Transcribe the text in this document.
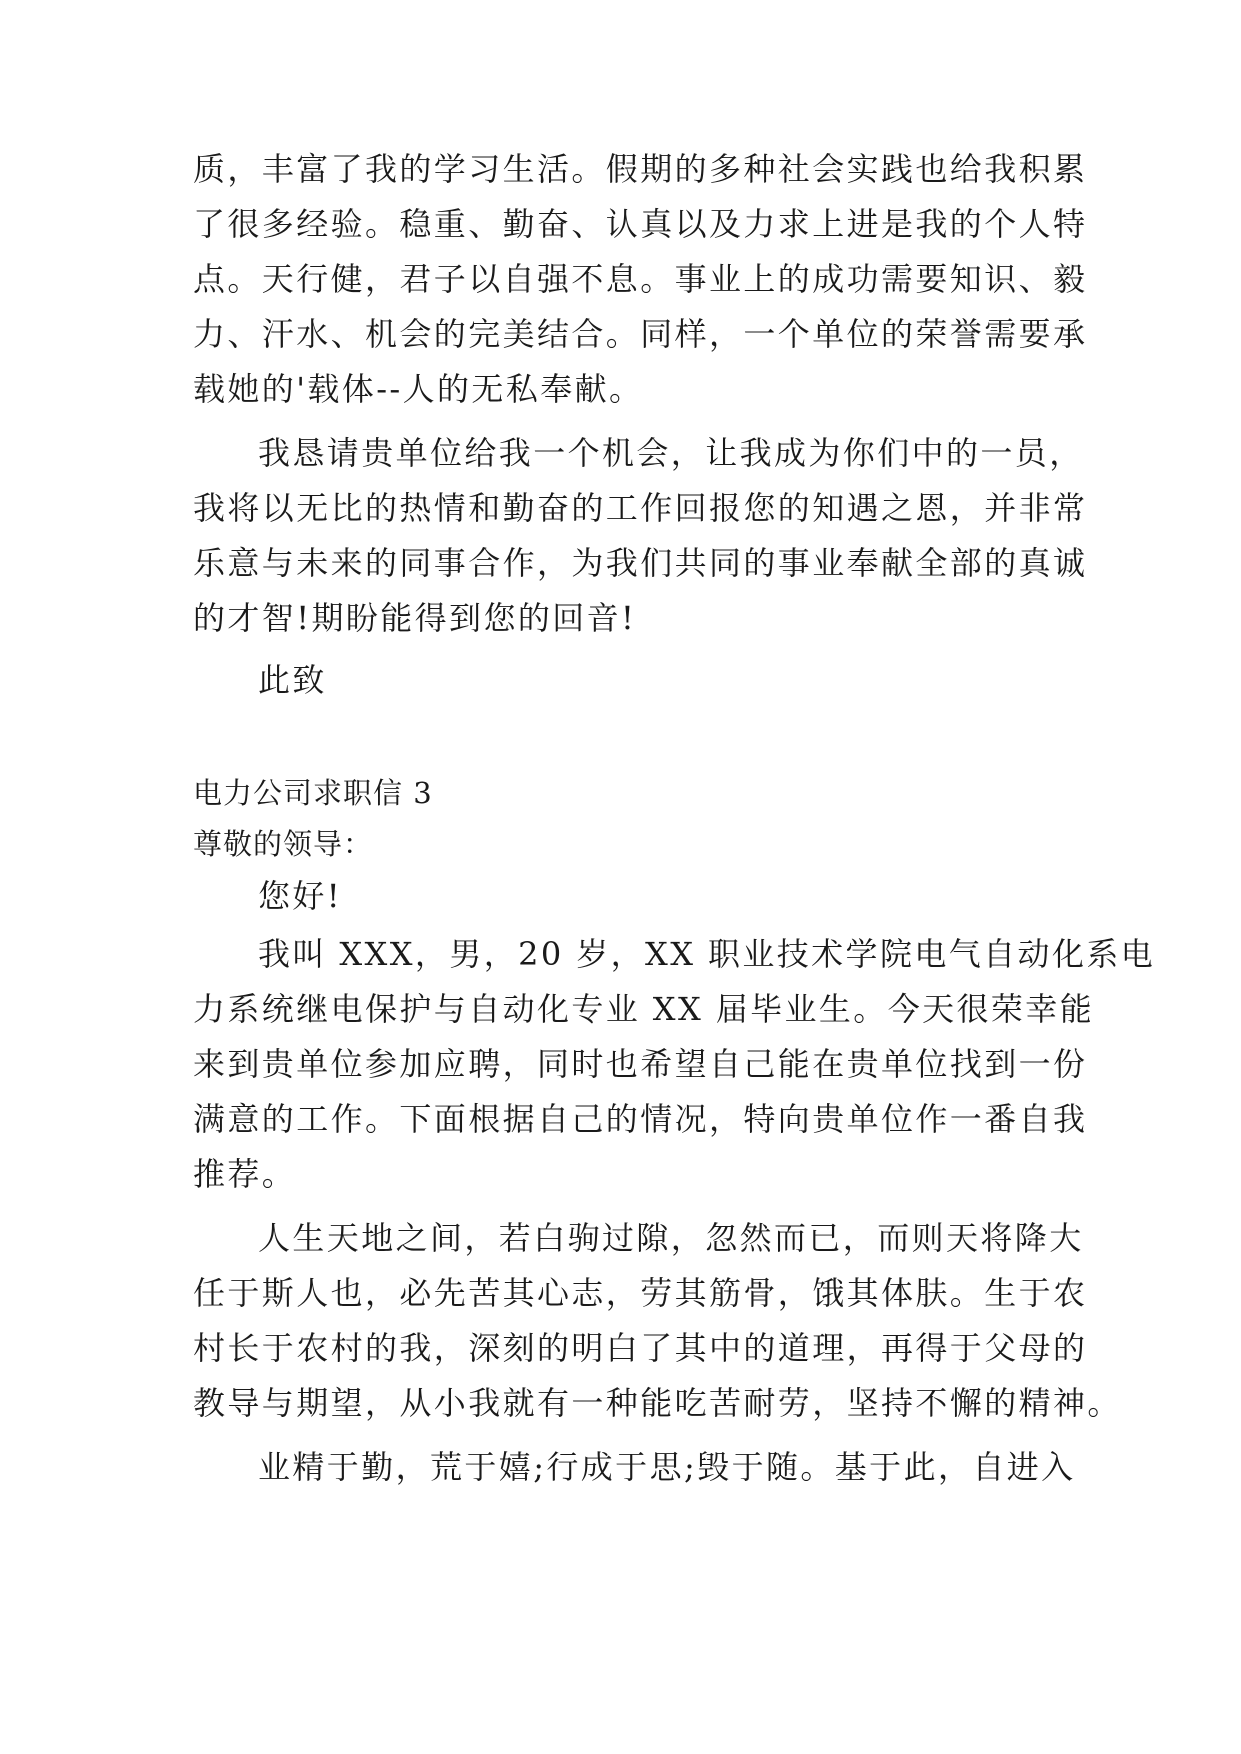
质，丰富了我的学习生活。假期的多种社会实践也给我积累
了很多经验。稳重、勤奋、认真以及力求上进是我的个人特
点。天行健，君子以自强不息。事业上的成功需要知识、毅
力、汗水、机会的完美结合。同样，一个单位的荣誉需要承
载她的'载体--人的无私奉献。
我恳请贵单位给我一个机会，让我成为你们中的一员，
我将以无比的热情和勤奋的工作回报您的知遇之恩，并非常
乐意与未来的同事合作，为我们共同的事业奉献全部的真诚
的才智!期盼能得到您的回音!
此致
电力公司求职信 3
尊敬的领导：
您好!
我叫 XXX，男，20 岁，XX 职业技术学院电气自动化系电
力系统继电保护与自动化专业 XX 届毕业生。今天很荣幸能
来到贵单位参加应聘，同时也希望自己能在贵单位找到一份
满意的工作。下面根据自己的情况，特向贵单位作一番自我
推荐。
人生天地之间，若白驹过隙，忽然而已，而则天将降大
任于斯人也，必先苦其心志，劳其筋骨，饿其体肤。生于农
村长于农村的我，深刻的明白了其中的道理，再得于父母的
教导与期望，从小我就有一种能吃苦耐劳，坚持不懈的精神。
业精于勤，荒于嬉;行成于思;毁于随。基于此，自进入
